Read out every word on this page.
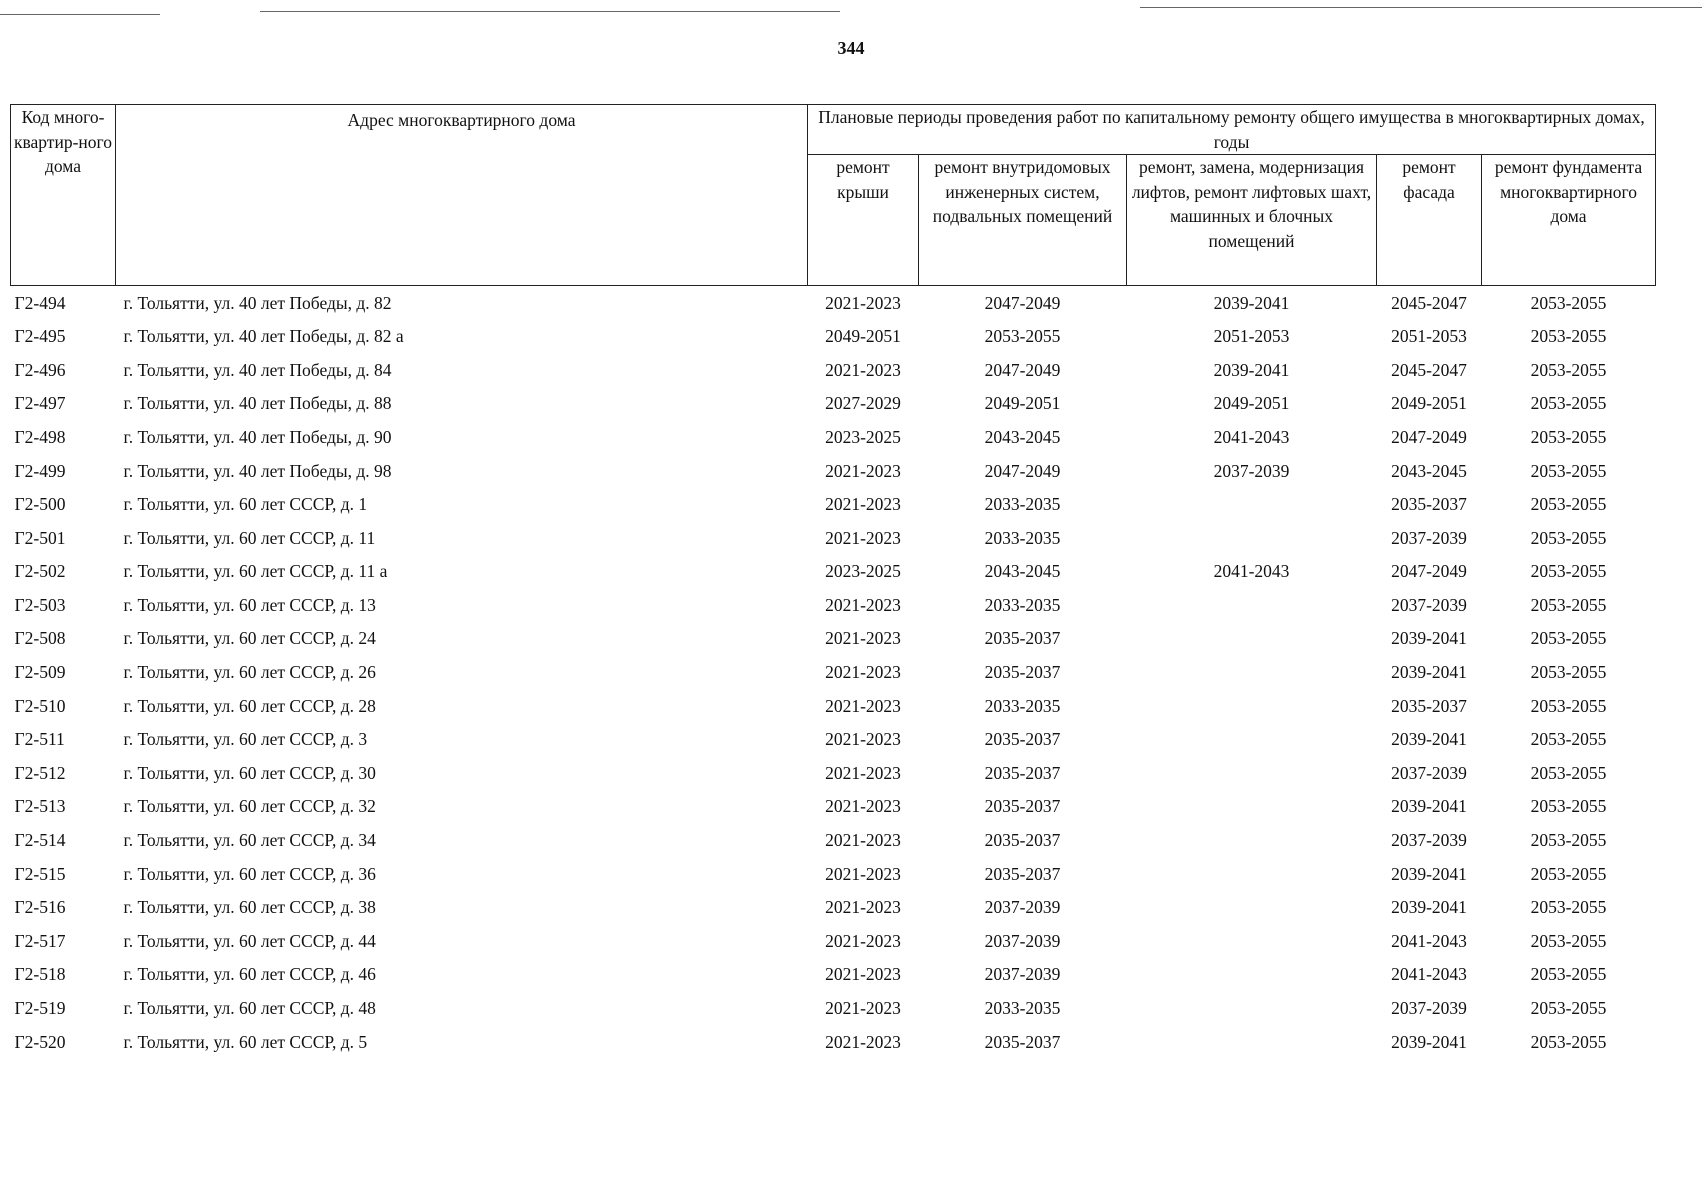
344
Код много-квартир-ного дома	Адрес многоквартирного дома	Плановые периоды проведения работ по капитальному ремонту общего имущества в многоквартирных домах, годы				
		ремонт крыши	ремонт внутридомовых инженерных систем, подвальных помещений	ремонт, замена, модернизация лифтов, ремонт лифтовых шахт, машинных и блочных помещений	ремонт фасада	ремонт фундамента многоквартирного дома
Г2-494	г. Тольятти, ул. 40 лет Победы, д. 82	2021-2023	2047-2049	2039-2041	2045-2047	2053-2055
Г2-495	г. Тольятти, ул. 40 лет Победы, д. 82 а	2049-2051	2053-2055	2051-2053	2051-2053	2053-2055
Г2-496	г. Тольятти, ул. 40 лет Победы, д. 84	2021-2023	2047-2049	2039-2041	2045-2047	2053-2055
Г2-497	г. Тольятти, ул. 40 лет Победы, д. 88	2027-2029	2049-2051	2049-2051	2049-2051	2053-2055
Г2-498	г. Тольятти, ул. 40 лет Победы, д. 90	2023-2025	2043-2045	2041-2043	2047-2049	2053-2055
Г2-499	г. Тольятти, ул. 40 лет Победы, д. 98	2021-2023	2047-2049	2037-2039	2043-2045	2053-2055
Г2-500	г. Тольятти, ул. 60 лет СССР, д. 1	2021-2023	2033-2035		2035-2037	2053-2055
Г2-501	г. Тольятти, ул. 60 лет СССР, д. 11	2021-2023	2033-2035		2037-2039	2053-2055
Г2-502	г. Тольятти, ул. 60 лет СССР, д. 11 а	2023-2025	2043-2045	2041-2043	2047-2049	2053-2055
Г2-503	г. Тольятти, ул. 60 лет СССР, д. 13	2021-2023	2033-2035		2037-2039	2053-2055
Г2-508	г. Тольятти, ул. 60 лет СССР, д. 24	2021-2023	2035-2037		2039-2041	2053-2055
Г2-509	г. Тольятти, ул. 60 лет СССР, д. 26	2021-2023	2035-2037		2039-2041	2053-2055
Г2-510	г. Тольятти, ул. 60 лет СССР, д. 28	2021-2023	2033-2035		2035-2037	2053-2055
Г2-511	г. Тольятти, ул. 60 лет СССР, д. 3	2021-2023	2035-2037		2039-2041	2053-2055
Г2-512	г. Тольятти, ул. 60 лет СССР, д. 30	2021-2023	2035-2037		2037-2039	2053-2055
Г2-513	г. Тольятти, ул. 60 лет СССР, д. 32	2021-2023	2035-2037		2039-2041	2053-2055
Г2-514	г. Тольятти, ул. 60 лет СССР, д. 34	2021-2023	2035-2037		2037-2039	2053-2055
Г2-515	г. Тольятти, ул. 60 лет СССР, д. 36	2021-2023	2035-2037		2039-2041	2053-2055
Г2-516	г. Тольятти, ул. 60 лет СССР, д. 38	2021-2023	2037-2039		2039-2041	2053-2055
Г2-517	г. Тольятти, ул. 60 лет СССР, д. 44	2021-2023	2037-2039		2041-2043	2053-2055
Г2-518	г. Тольятти, ул. 60 лет СССР, д. 46	2021-2023	2037-2039		2041-2043	2053-2055
Г2-519	г. Тольятти, ул. 60 лет СССР, д. 48	2021-2023	2033-2035		2037-2039	2053-2055
Г2-520	г. Тольятти, ул. 60 лет СССР, д. 5	2021-2023	2035-2037		2039-2041	2053-2055
